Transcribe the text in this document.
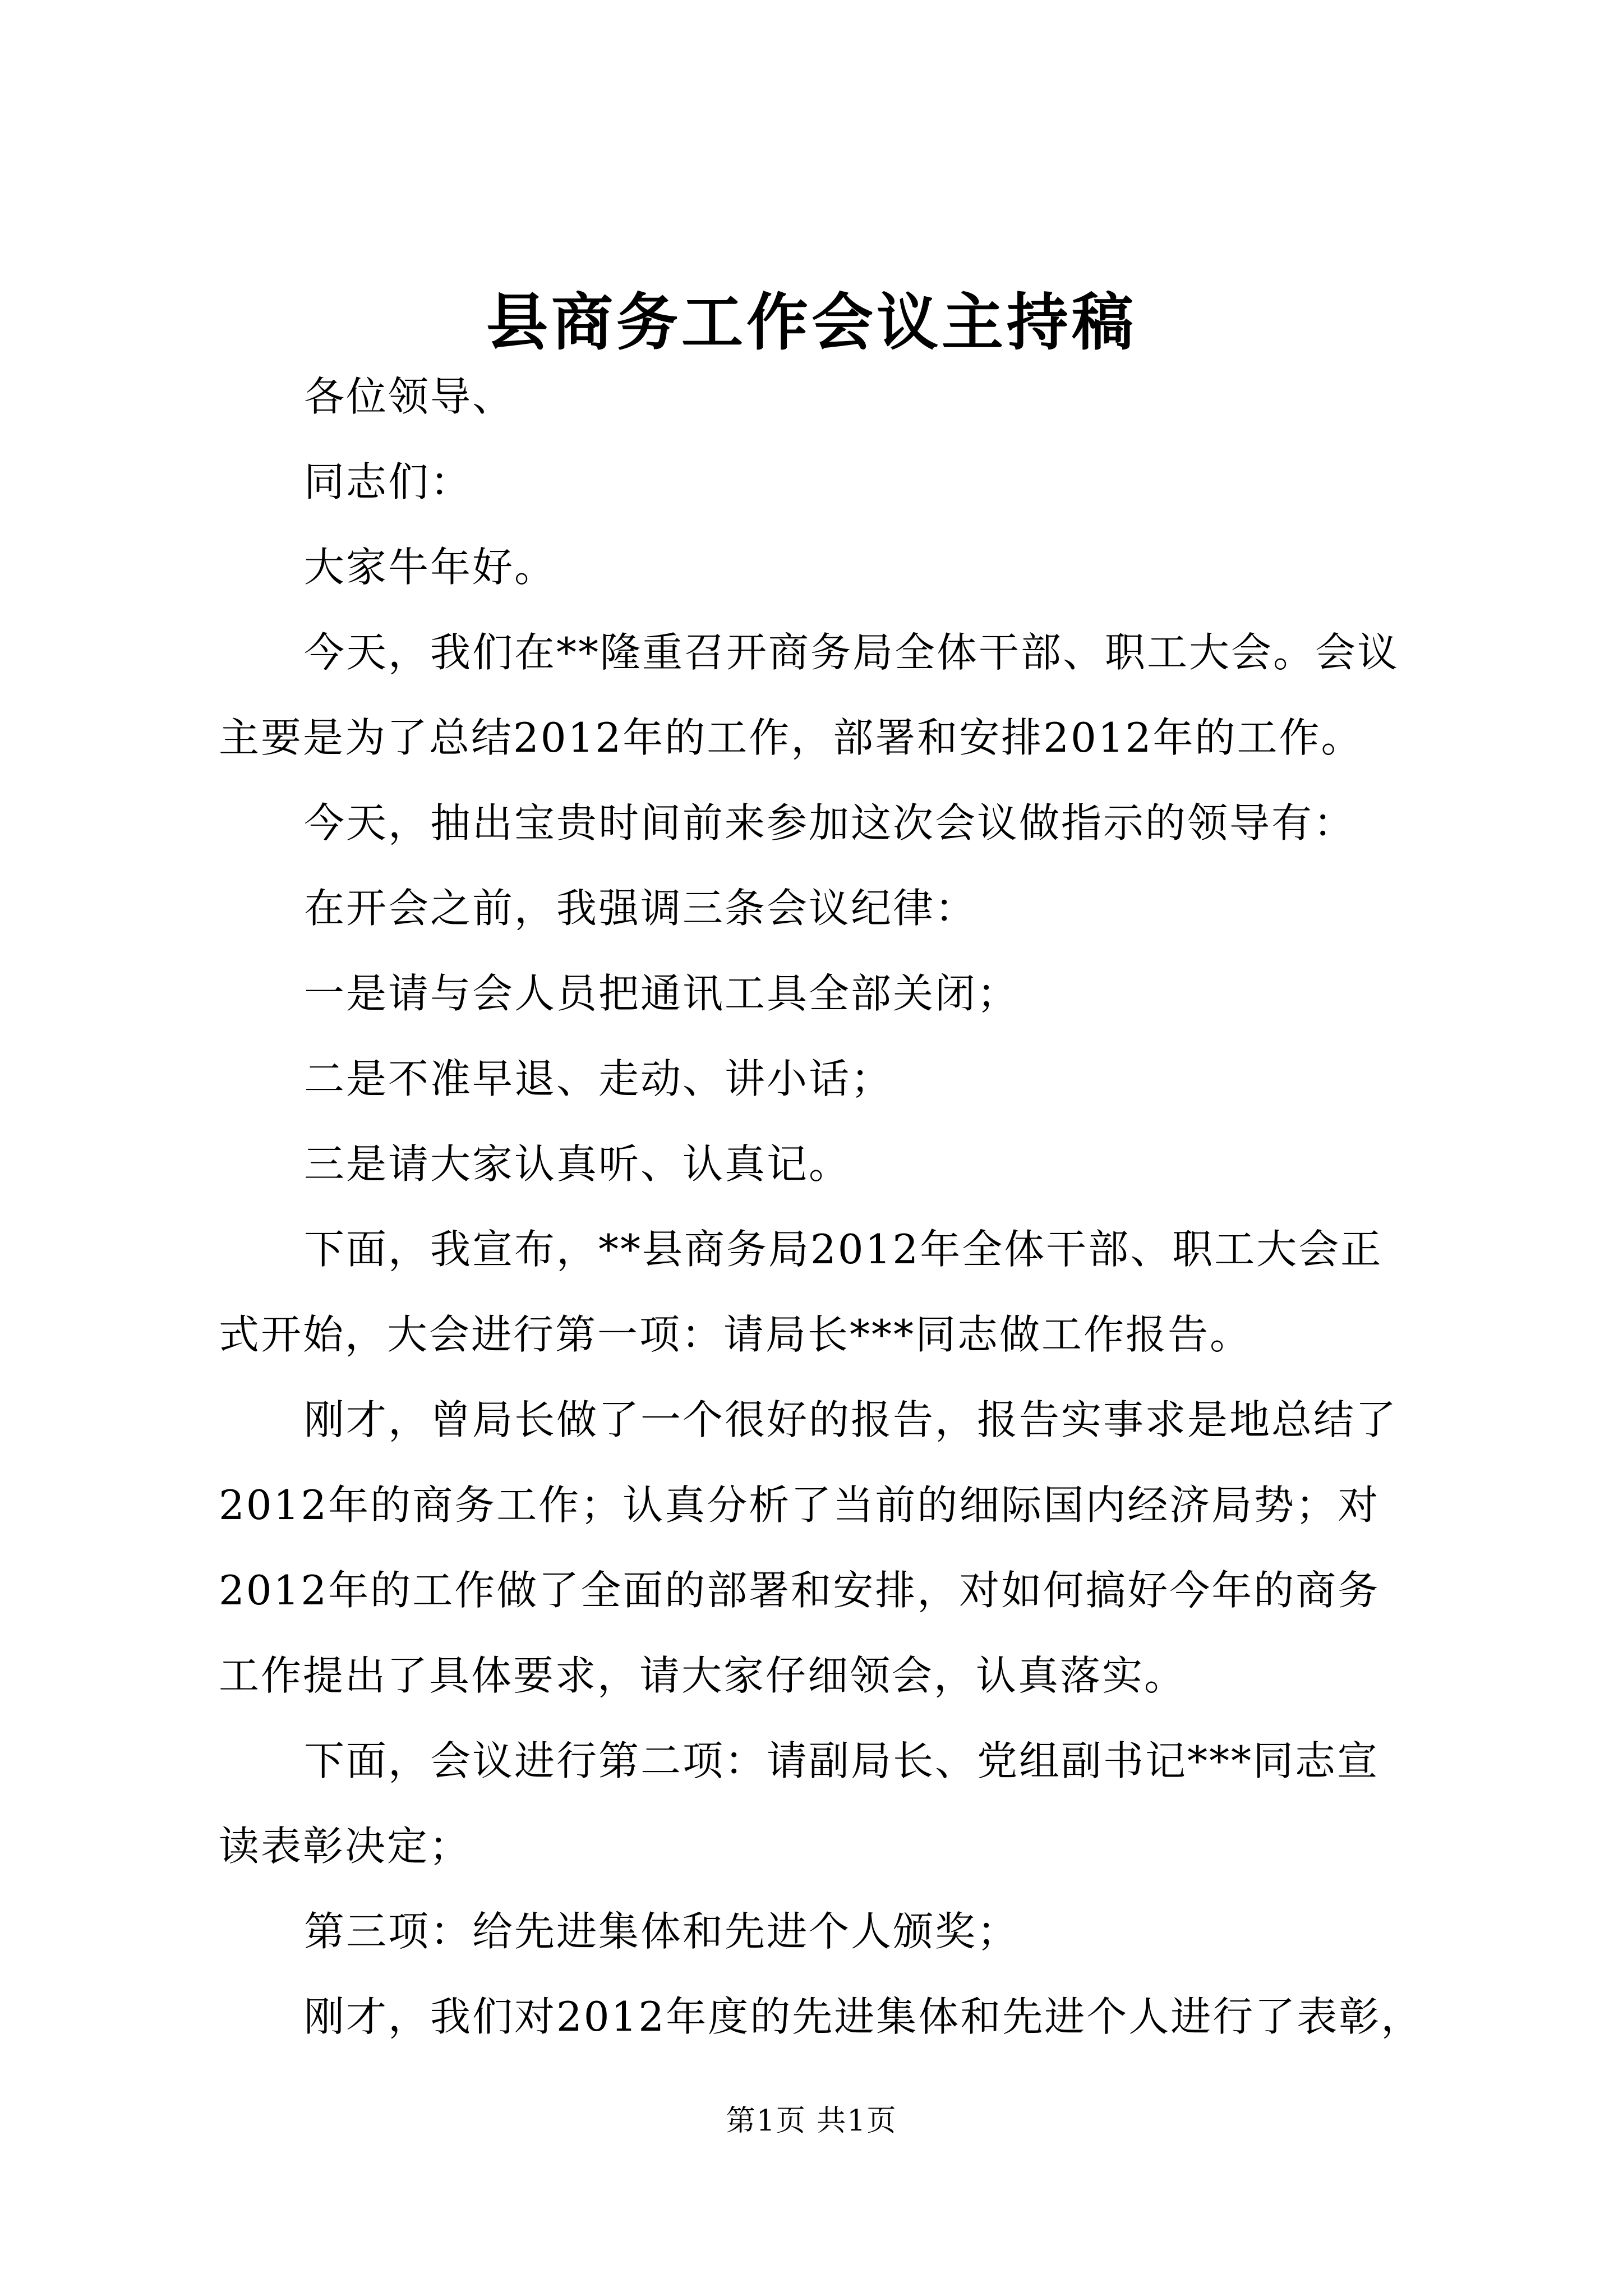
县商务工作会议主持稿

各位领导、

同志们：

大家牛年好。

今天，我们在**隆重召开商务局全体干部、职工大会。会议

主要是为了总结2012年的工作，部署和安排2012年的工作。

今天，抽出宝贵时间前来参加这次会议做指示的领导有：

在开会之前，我强调三条会议纪律：

一是请与会人员把通讯工具全部关闭；

二是不准早退、走动、讲小话；

三是请大家认真听、认真记。

下面，我宣布，**县商务局2012年全体干部、职工大会正

式开始，大会进行第一项：请局长***同志做工作报告。

刚才，曾局长做了一个很好的报告，报告实事求是地总结了

2012年的商务工作；认真分析了当前的细际国内经济局势；对

2012年的工作做了全面的部署和安排，对如何搞好今年的商务

工作提出了具体要求，请大家仔细领会，认真落实。

下面，会议进行第二项：请副局长、党组副书记***同志宣

读表彰决定；

第三项：给先进集体和先进个人颁奖；

刚才，我们对2012年度的先进集体和先进个人进行了表彰，

第1页 共1页
